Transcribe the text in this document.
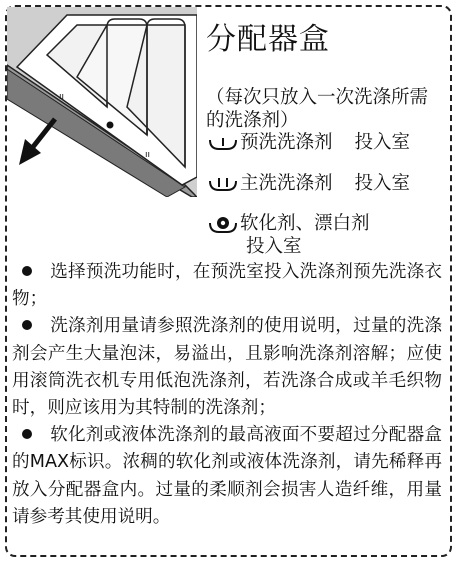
ıı
ıı
分配器盒

（每次只放入一次洗涤所需的洗涤剂）

预洗洗涤剂 投入室
主洗洗涤剂 投入室
软化剂、漂白剂
投入室
选择预洗功能时，在预洗室投入洗涤剂预先洗涤衣物；
洗涤剂用量请参照洗涤剂的使用说明，过量的洗涤剂会产生大量泡沫，易溢出，且影响洗涤剂溶解；应使用滚筒洗衣机专用低泡洗涤剂，若洗涤合成或羊毛织物时，则应该用为其特制的洗涤剂；
软化剂或液体洗涤剂的最高液面不要超过分配器盒的MAX标识。浓稠的软化剂或液体洗涤剂，请先稀释再放入分配器盒内。过量的柔顺剂会损害人造纤维，用量请参考其使用说明。
